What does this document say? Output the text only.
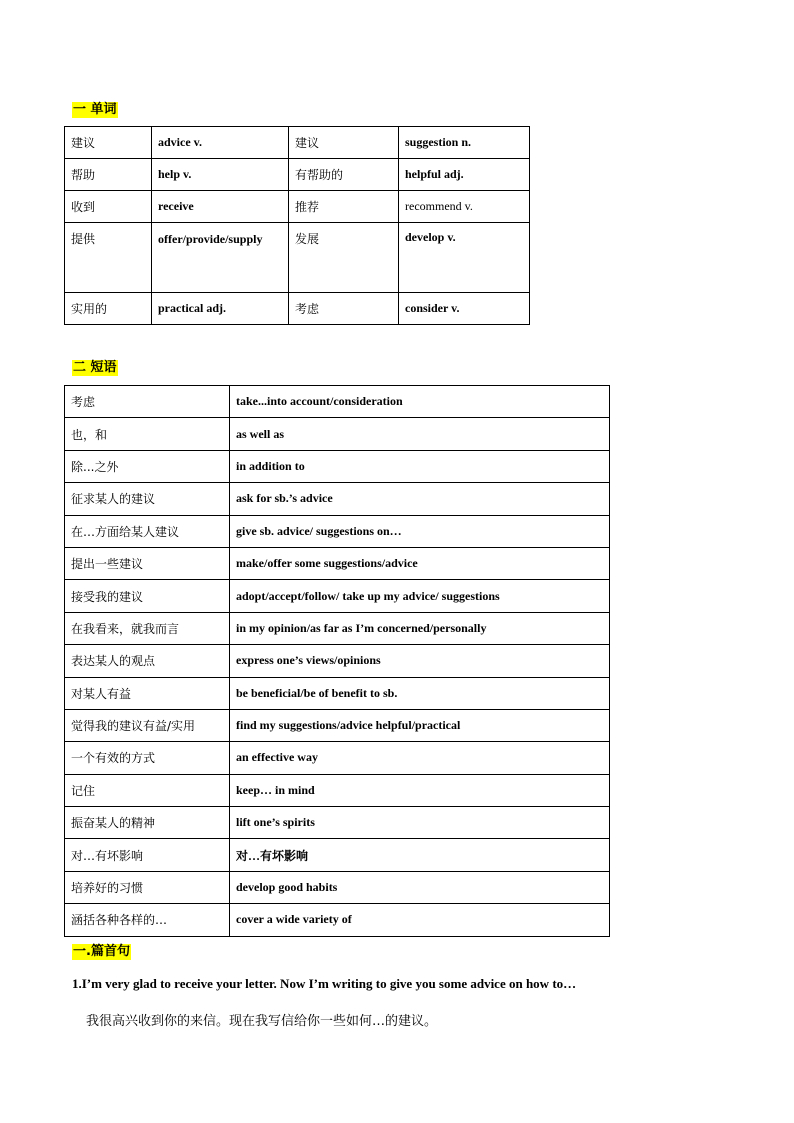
一 单词
建议	advice v.	建议	suggestion n.
帮助	help v.	有帮助的	helpful adj.
收到	receive	推荐	recommend v.
提供	offer/provide/supply	发展	develop v.
实用的	practical adj.	考虑	consider v.
二 短语
考虑	take...into account/consideration
也，和	as well as
除...之外	in addition to
征求某人的建议	ask for sb.’s advice
在…方面给某人建议	give sb. advice/ suggestions on…
提出一些建议	make/offer some suggestions/advice
接受我的建议	adopt/accept/follow/ take up my advice/ suggestions
在我看来，就我而言	in my opinion/as far as I’m concerned/personally
表达某人的观点	express one’s views/opinions
对某人有益	be beneficial/be of benefit to sb.
觉得我的建议有益/实用	find my suggestions/advice helpful/practical
一个有效的方式	an effective way
记住	keep… in mind
振奋某人的精神	lift one’s spirits
对…有坏影响	对…有坏影响
培养好的习惯	develop good habits
涵括各种各样的…	cover a wide variety of
一.篇首句
1.I’m very glad to receive your letter. Now I’m writing to give you some advice on how to…
我很高兴收到你的来信。现在我写信给你一些如何…的建议。
